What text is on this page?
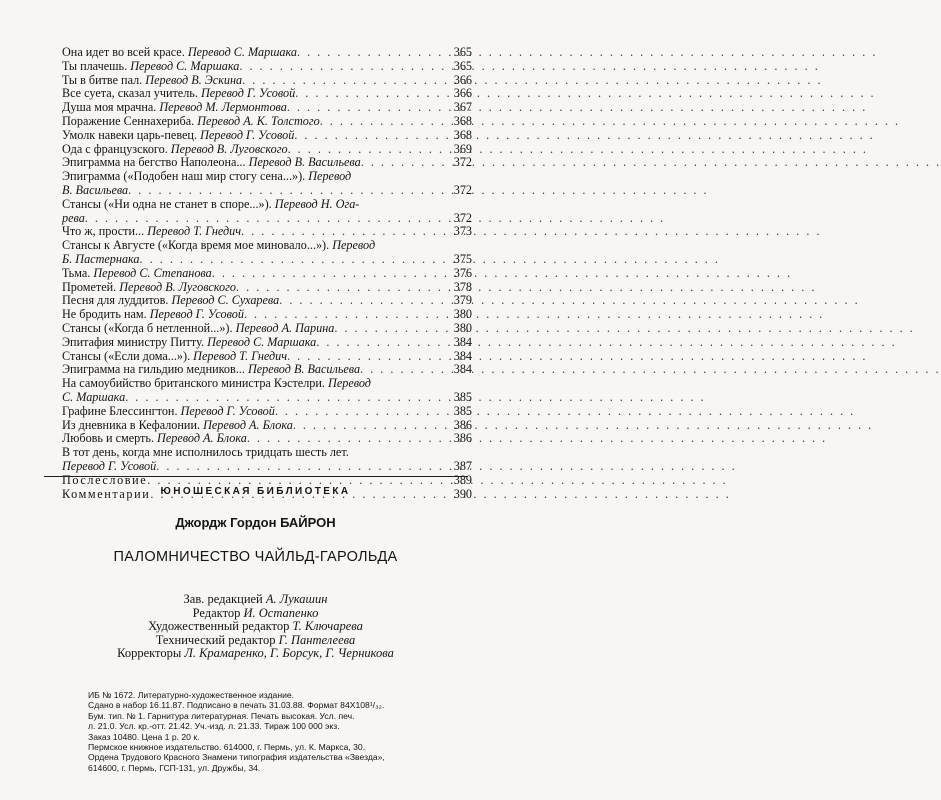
Она идет во всей красе. Перевод С. Маршака . . .	365
Ты плачешь. Перевод С. Маршака . . .	365
Ты в битве пал. Перевод В. Эскина . . .	366
Все суета, сказал учитель. Перевод Г. Усовой . . .	366
Душа моя мрачна. Перевод М. Лермонтова . . .	367
Поражение Сеннахериба. Перевод А. К. Толстого . . .	368
Умолк навеки царь-певец. Перевод Г. Усовой . . .	368
Ода с французского. Перевод В. Луговского . . .	369
Эпиграмма на бегство Наполеона... Перевод В. Васильева . . .	372
Эпиграмма («Подобен наш мир стогу сена...»). Перевод
В. Васильева . . .	372
Стансы («Ни одна не станет в споре...»). Перевод Н. Ога-
рева . . .	372
Что ж, прости... Перевод Т. Гнедич . . .	373
Стансы к Августе («Когда время мое миновало...»). Перевод
Б. Пастернака . . .	375
Тьма. Перевод С. Степанова . . .	376
Прометей. Перевод В. Луговского . . .	378
Песня для луддитов. Перевод С. Сухарева . . .	379
Не бродить нам. Перевод Г. Усовой . . .	380
Стансы («Когда б нетленной...»). Перевод А. Парина . . .	380
Эпитафия министру Питту. Перевод С. Маршака . . .	384
Стансы («Если дома...»). Перевод Т. Гнедич . . .	384
Эпиграмма на гильдию медников... Перевод В. Васильева . . .	384
На самоубийство британского министра Кэстелри. Перевод
С. Маршака . . .	385
Графине Блессингтон. Перевод Г. Усовой . . .	385
Из дневника в Кефалонии. Перевод А. Блока . . .	386
Любовь и смерть. Перевод А. Блока . . .	386
В тот день, когда мне исполнилось тридцать шесть лет.
Перевод Г. Усовой . . .	387
Послесловие . . .	389
Комментарии . . .	390
ЮНОШЕСКАЯ БИБЛИОТЕКА
Джордж Гордон БАЙРОН
ПАЛОМНИЧЕСТВО ЧАЙЛЬД-ГАРОЛЬДА
Зав. редакцией А. Лукашин
Редактор И. Остапенко
Художественный редактор Т. Ключарева
Технический редактор Г. Пантелеева
Корректоры Л. Крамаренко, Г. Борсук, Г. Черникова
ИБ № 1672. Литературно-художественное издание.
Сдано в набор 16.11.87. Подписано в печать 31.03.88. Формат 84X108¹/₃₂.
Бум. тип. № 1. Гарнитура литературная. Печать высокая. Усл. печ.
л. 21.0. Усл. кр.-отт. 21.42. Уч.-изд. л. 21.33. Тираж 100 000 экз.
Заказ 10480. Цена 1 р. 20 к.
Пермское книжное издательство. 614000, г. Пермь, ул. К. Маркса, 30.
Ордена Трудового Красного Знамени типография издательства «Звезда»,
614600, г. Пермь, ГСП-131, ул. Дружбы, 34.
